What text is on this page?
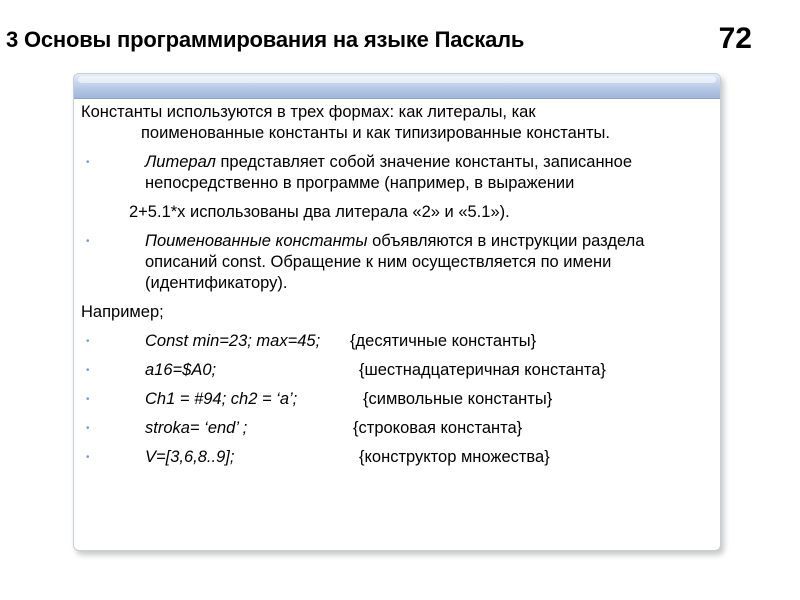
3 Основы программирования на языке Паскаль	72
Константы используются в трех формах: как литералы, как
поименованные константы и как типизированные константы.
•	Литерал представляет собой значение константы, записанное непосредственно в программе (например, в выражении
2+5.1*x использованы два литерала «2» и «5.1»).
•	Поименованные константы объявляются в инструкции раздела описаний const. Обращение к ним осуществляется по имени (идентификатору).
Например;
•	Const min=23; max=45;	{десятичные константы}
•	a16=$A0;	{шестнадцатеричная константа}
•	Ch1 = #94; ch2 = ‘a’;	{символьные константы}
•	stroka= ‘end’ ;	{строковая константа}
•	V=[3,6,8..9];	{конструктор множества}
